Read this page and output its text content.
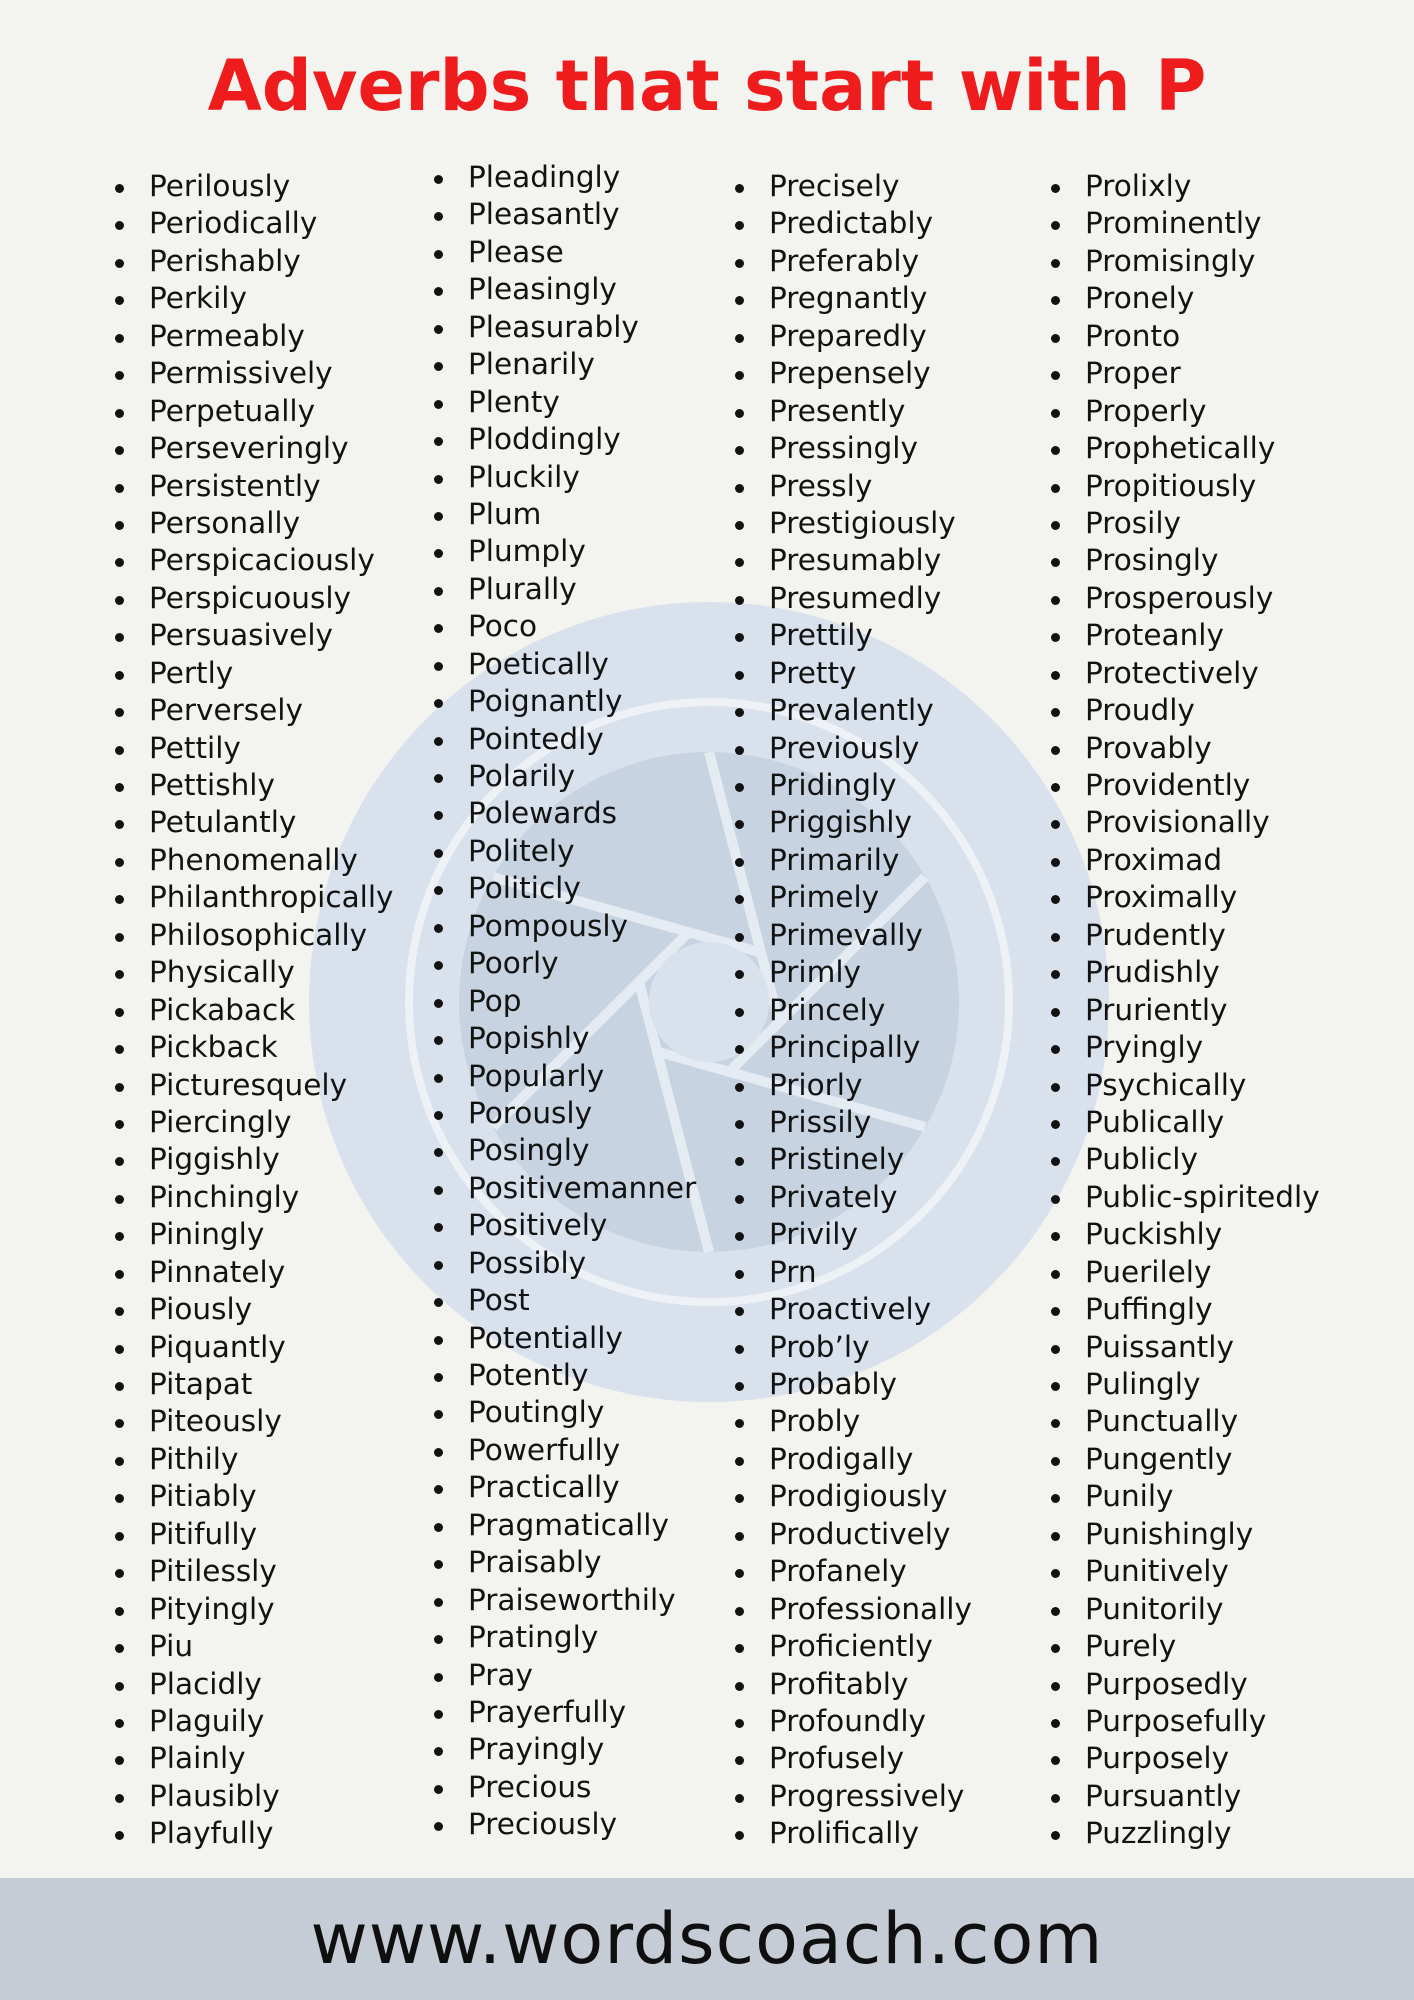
Adverbs that start with P
Perilously
Periodically
Perishably
Perkily
Permeably
Permissively
Perpetually
Perseveringly
Persistently
Personally
Perspicaciously
Perspicuously
Persuasively
Pertly
Perversely
Pettily
Pettishly
Petulantly
Phenomenally
Philanthropically
Philosophically
Physically
Pickaback
Pickback
Picturesquely
Piercingly
Piggishly
Pinchingly
Piningly
Pinnately
Piously
Piquantly
Pitapat
Piteously
Pithily
Pitiably
Pitifully
Pitilessly
Pityingly
Piu
Placidly
Plaguily
Plainly
Plausibly
Playfully
Pleadingly
Pleasantly
Please
Pleasingly
Pleasurably
Plenarily
Plenty
Ploddingly
Pluckily
Plum
Plumply
Plurally
Poco
Poetically
Poignantly
Pointedly
Polarily
Polewards
Politely
Politicly
Pompously
Poorly
Pop
Popishly
Popularly
Porously
Posingly
Positivemanner
Positively
Possibly
Post
Potentially
Potently
Poutingly
Powerfully
Practically
Pragmatically
Praisably
Praiseworthily
Pratingly
Pray
Prayerfully
Prayingly
Precious
Preciously
Precisely
Predictably
Preferably
Pregnantly
Preparedly
Prepensely
Presently
Pressingly
Pressly
Prestigiously
Presumably
Presumedly
Prettily
Pretty
Prevalently
Previously
Pridingly
Priggishly
Primarily
Primely
Primevally
Primly
Princely
Principally
Priorly
Prissily
Pristinely
Privately
Privily
Prn
Proactively
Prob’ly
Probably
Probly
Prodigally
Prodigiously
Productively
Profanely
Professionally
Proficiently
Profitably
Profoundly
Profusely
Progressively
Prolifically
Prolixly
Prominently
Promisingly
Pronely
Pronto
Proper
Properly
Prophetically
Propitiously
Prosily
Prosingly
Prosperously
Proteanly
Protectively
Proudly
Provably
Providently
Provisionally
Proximad
Proximally
Prudently
Prudishly
Pruriently
Pryingly
Psychically
Publically
Publicly
Public-spiritedly
Puckishly
Puerilely
Puffingly
Puissantly
Pulingly
Punctually
Pungently
Punily
Punishingly
Punitively
Punitorily
Purely
Purposedly
Purposefully
Purposely
Pursuantly
Puzzlingly
www.wordscoach.com
